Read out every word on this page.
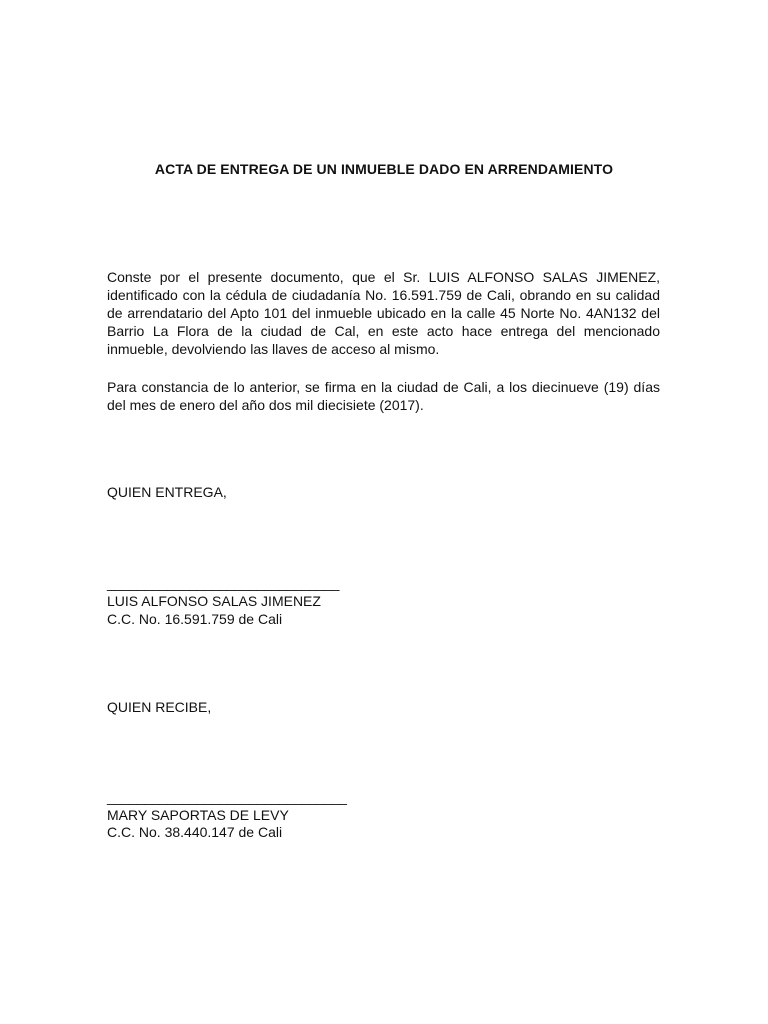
ACTA DE ENTREGA DE UN INMUEBLE DADO EN ARRENDAMIENTO

Conste por el presente documento, que el Sr. LUIS ALFONSO SALAS JIMENEZ, identificado con la cédula de ciudadanía No. 16.591.759 de Cali, obrando en su calidad de arrendatario del Apto 101 del inmueble ubicado en la calle 45 Norte No. 4AN132 del Barrio La Flora de la ciudad de Cal, en este acto hace entrega del mencionado inmueble, devolviendo las llaves de acceso al mismo.

Para constancia de lo anterior, se firma en la ciudad de Cali, a los diecinueve (19) días del mes de enero del año dos mil diecisiete (2017).

QUIEN ENTREGA,
_______________________________
LUIS ALFONSO SALAS JIMENEZ
C.C. No. 16.591.759 de Cali
QUIEN RECIBE,
________________________________
MARY SAPORTAS DE LEVY
C.C. No. 38.440.147 de Cali
